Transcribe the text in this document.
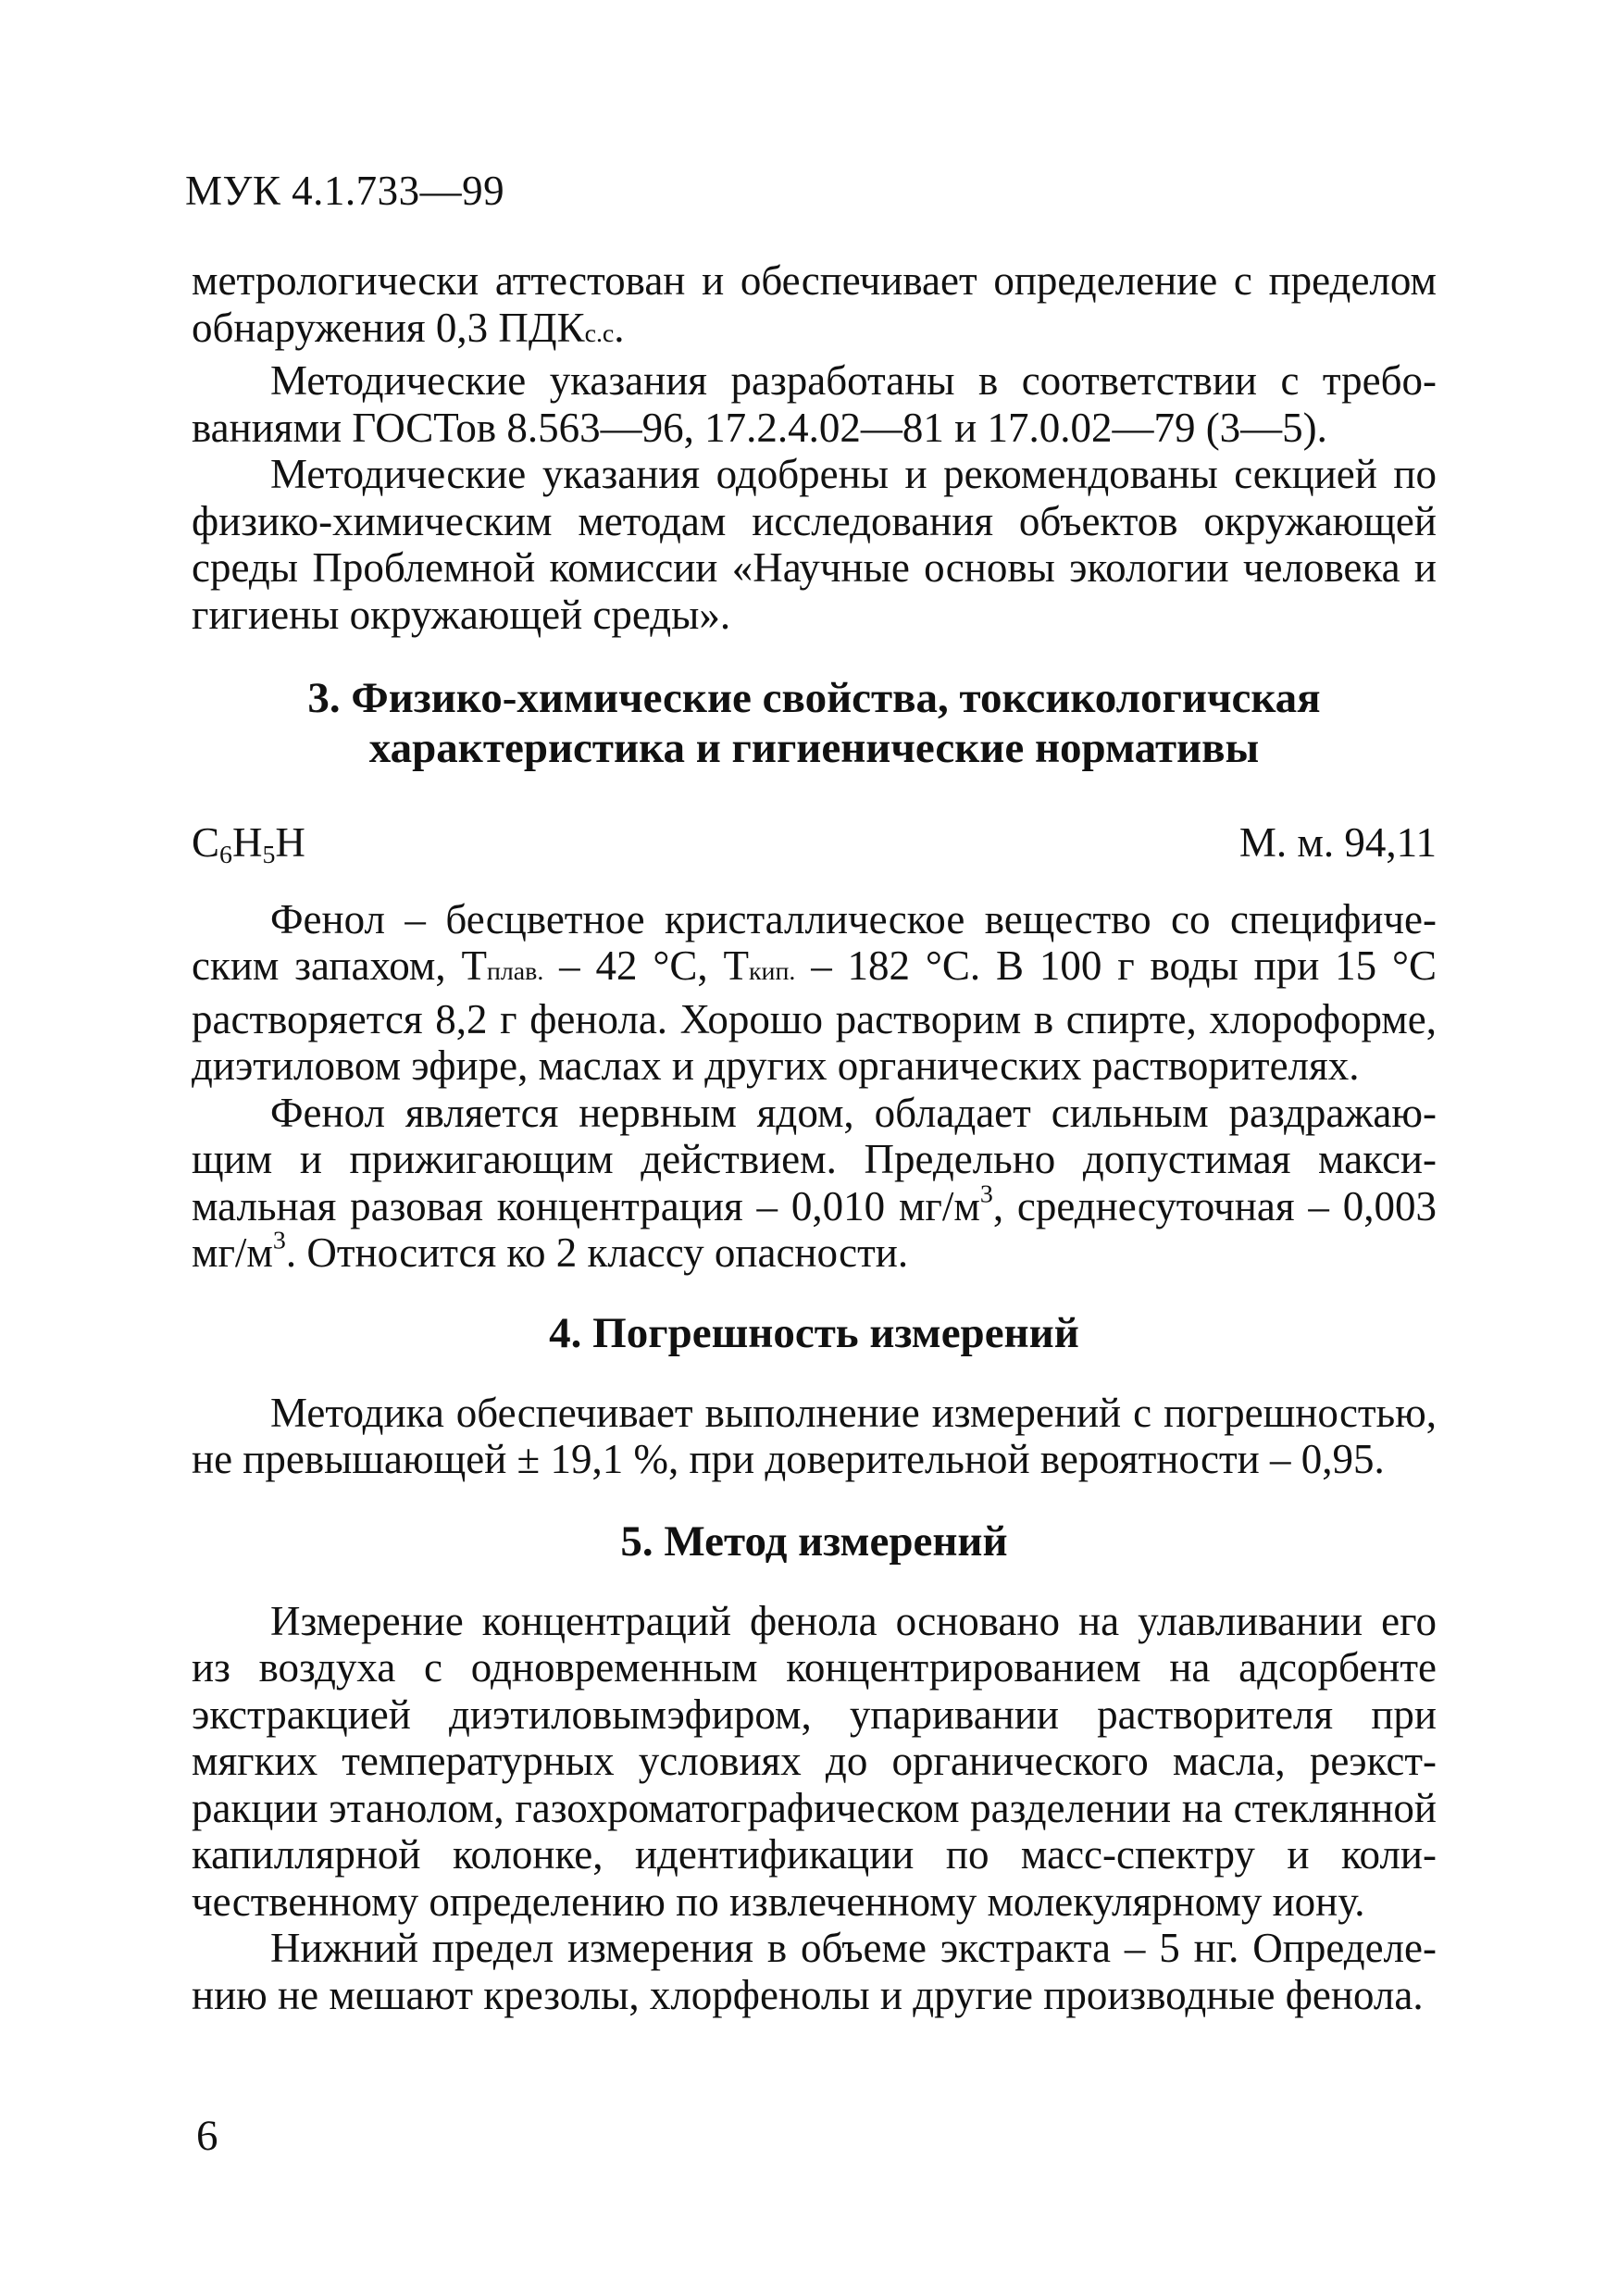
МУК 4.1.733—99

метрологически аттестован и обеспечивает определение с пределом обнаружения 0,3 ПДКс.с.

Методические указания разработаны в соответствии с требованиями ГОСТов 8.563—96, 17.2.4.02—81 и 17.0.02—79 (3—5).

Методические указания одобрены и рекомендованы секцией по физико-химическим методам исследования объектов окружающей среды Проблемной комиссии «Научные основы экологии человека и гигиены окружающей среды».

3. Физико-химические свойства, токсикологичская
характеристика и гигиенические нормативы
$C_6H_5H$	М. м. 94,11

Фенол – бесцветное кристаллическое вещество со специфическим запахом, Тплав. – 42 °С, Ткип. – 182 °С. В 100 г воды при 15 °С растворяется 8,2 г фенола. Хорошо растворим в спирте, хлороформе, диэтиловом эфире, маслах и других органических растворителях.

Фенол является нервным ядом, обладает сильным раздражающим и прижигающим действием. Предельно допустимая максимальная разовая концентрация – 0,010 $мг/м^3$, среднесуточная – 0,003 $мг/м^3$. Относится ко 2 классу опасности.

4. Погрешность измерений

Методика обеспечивает выполнение измерений с погрешностью, не превышающей ± 19,1 %, при доверительной вероятности – 0,95.

5. Метод измерений

Измерение концентраций фенола основано на улавливании его из воздуха с одновременным концентрированием на адсорбенте экстракцией диэтиловымэфиром, упаривании растворителя при мягких температурных условиях до органического масла, реэкстракции этанолом, газохроматографическом разделении на стеклянной капиллярной колонке, идентификации по масс-спектру и количественному определению по извлеченному молекулярному иону.

Нижний предел измерения в объеме экстракта – 5 нг. Определению не мешают крезолы, хлорфенолы и другие производные фенола.

6
